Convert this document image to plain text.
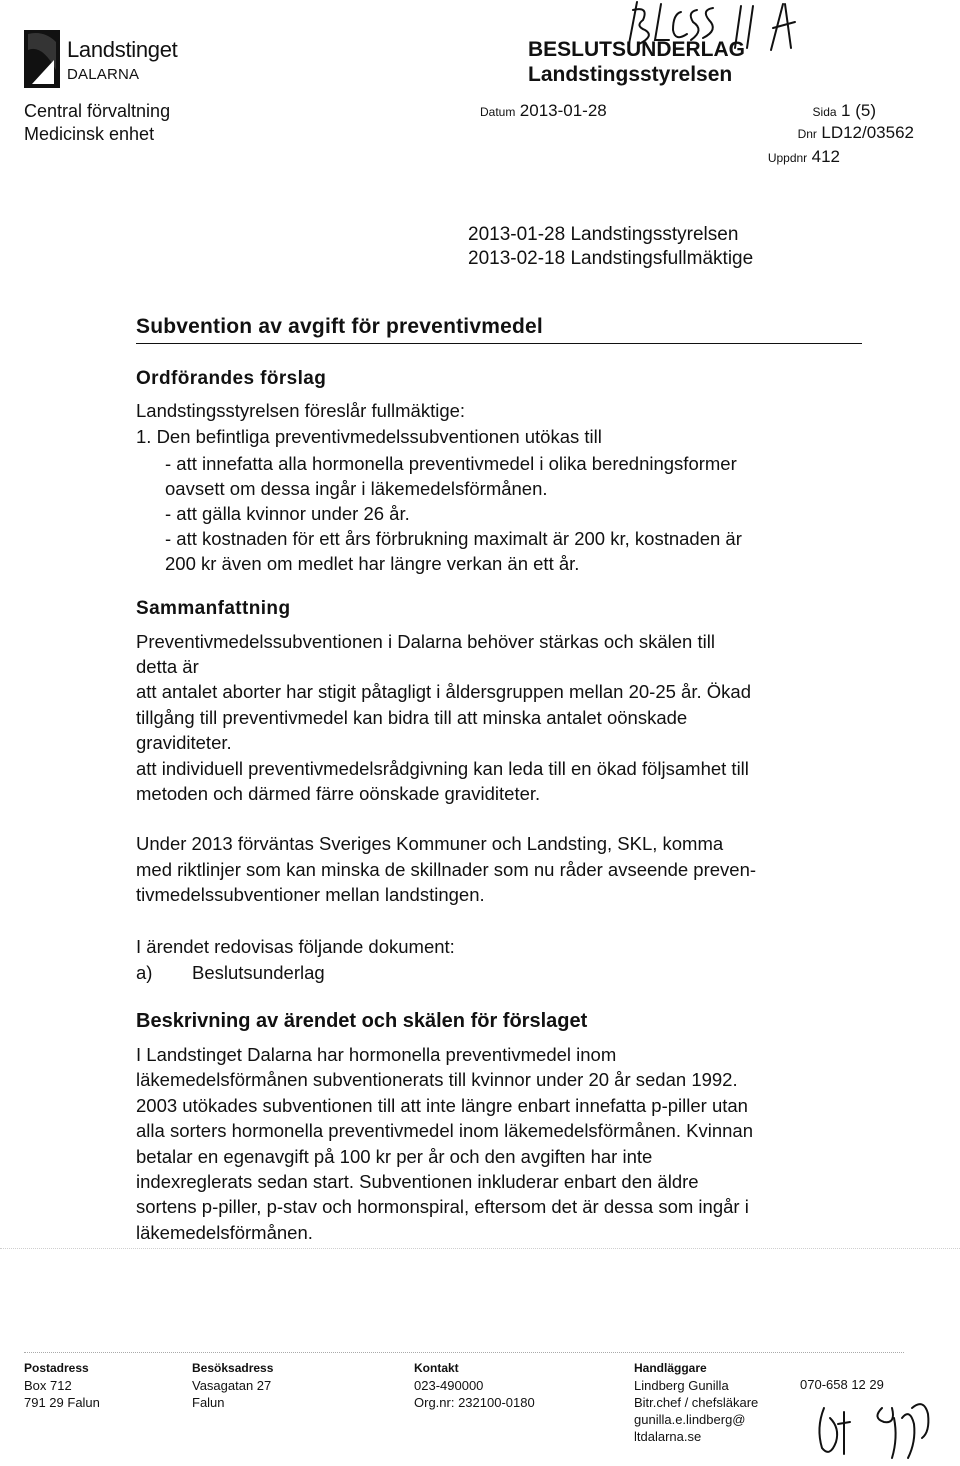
Landstinget
DALARNA
Central förvaltning
Medicinsk enhet
BESLUTSUNDERLAG
Landstingsstyrelsen
Datum 2013-01-28	Sida 1 (5)
Dnr LD12/03562
Uppdnr 412
2013-01-28 Landstingsstyrelsen
2013-02-18 Landstingsfullmäktige
Subvention av avgift för preventivmedel
Ordförandes förslag
Landstingsstyrelsen föreslår fullmäktige:
1. Den befintliga preventivmedelssubventionen utökas till
- att innefatta alla hormonella preventivmedel i olika beredningsformer
oavsett om dessa ingår i läkemedelsförmånen.
- att gälla kvinnor under 26 år.
- att kostnaden för ett års förbrukning maximalt är 200 kr, kostnaden är
200 kr även om medlet har längre verkan än ett år.
Sammanfattning
Preventivmedelssubventionen i Dalarna behöver stärkas och skälen till
detta är
att antalet aborter har stigit påtagligt i åldersgruppen mellan 20-25 år. Ökad
tillgång till preventivmedel kan bidra till att minska antalet oönskade
graviditeter.
att individuell preventivmedelsrådgivning kan leda till en ökad följsamhet till
metoden och därmed färre oönskade graviditeter.
Under 2013 förväntas Sveriges Kommuner och Landsting, SKL, komma
med riktlinjer som kan minska de skillnader som nu råder avseende preven-
tivmedelssubventioner mellan landstingen.
I ärendet redovisas följande dokument:
a) Beslutsunderlag
Beskrivning av ärendet och skälen för förslaget
I Landstinget Dalarna har hormonella preventivmedel inom
läkemedelsförmånen subventionerats till kvinnor under 20 år sedan 1992.
2003 utökades subventionen till att inte längre enbart innefatta p-piller utan
alla sorters hormonella preventivmedel inom läkemedelsförmånen. Kvinnan
betalar en egenavgift på 100 kr per år och den avgiften har inte
indexreglerats sedan start. Subventionen inkluderar enbart den äldre
sortens p-piller, p-stav och hormonspiral, eftersom det är dessa som ingår i
läkemedelsförmånen.
Postadress
Box 712
791 29 Falun
Besöksadress
Vasagatan 27
Falun
Kontakt
023-490000
Org.nr: 232100-0180
Handläggare
Lindberg Gunilla
Bitr.chef / chefsläkare
gunilla.e.lindberg@
ltdalarna.se
070-658 12 29
